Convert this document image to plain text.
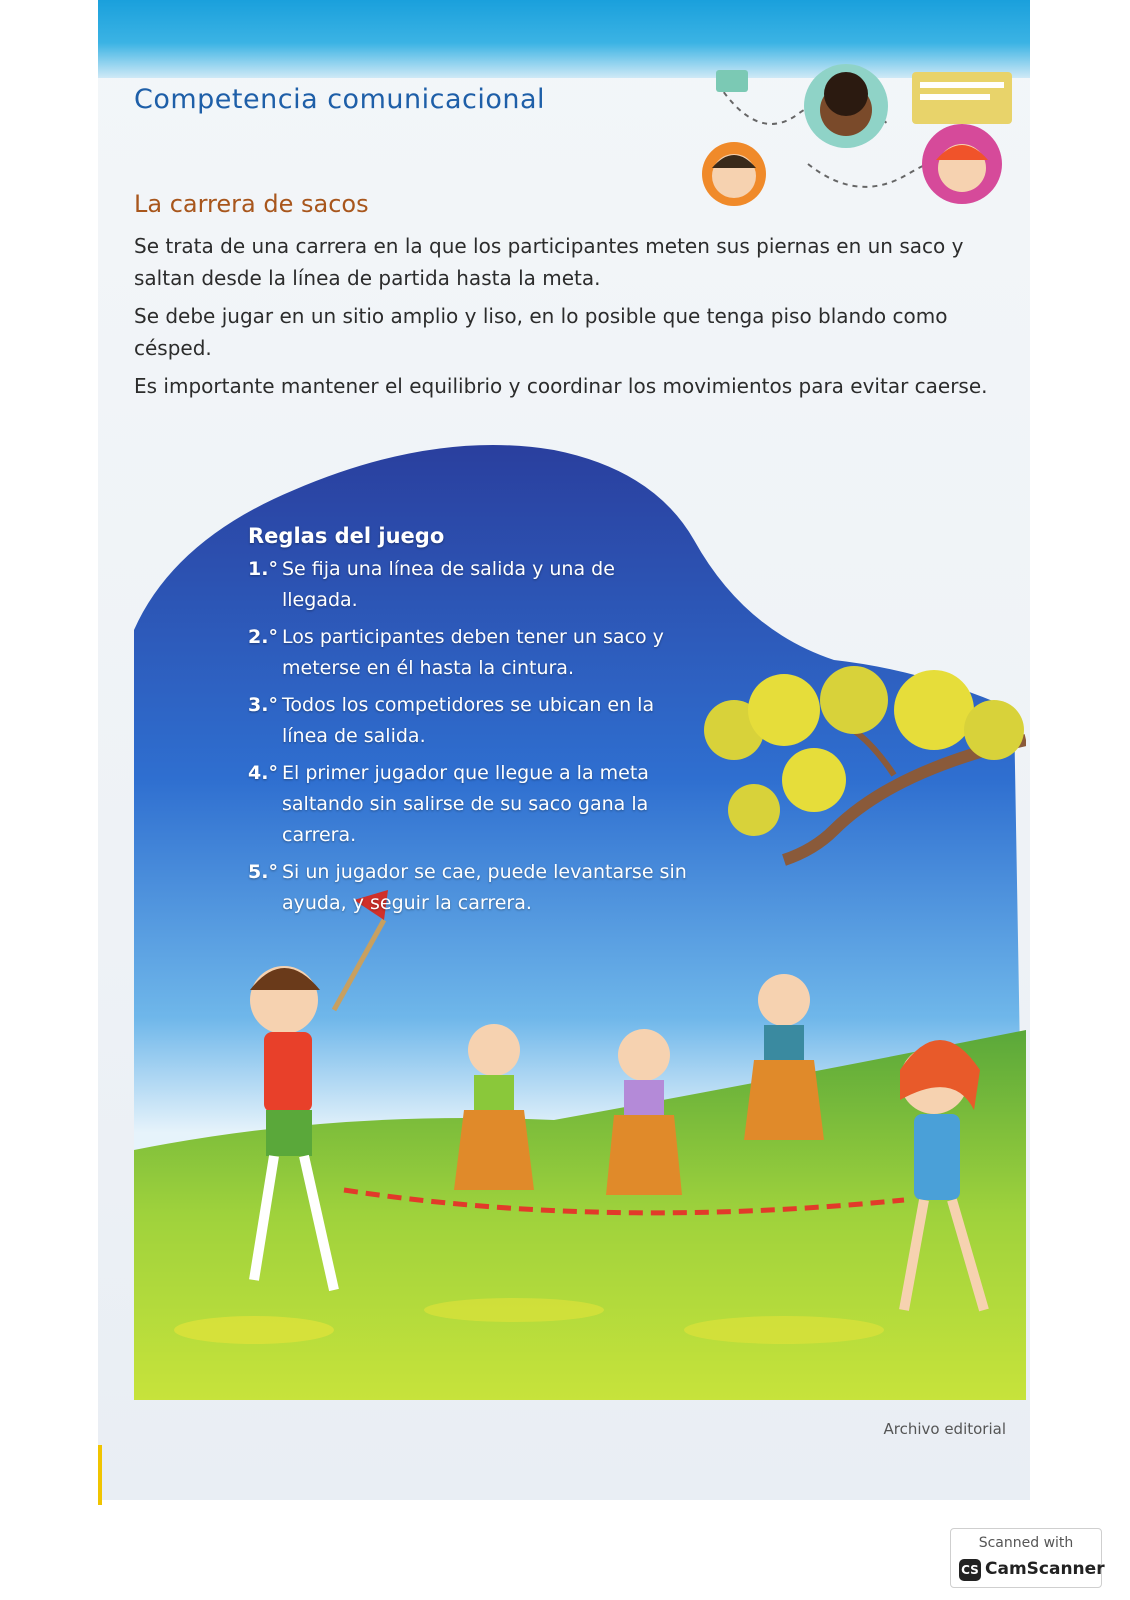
Competencia comunicacional
La carrera de sacos

Se trata de una carrera en la que los participantes meten sus piernas en un saco y saltan desde la línea de partida hasta la meta.

Se debe jugar en un sitio amplio y liso, en lo posible que tenga piso blando como césped.

Es importante mantener el equilibrio y coordinar los movimientos para evitar caerse.

Archivo editorial
Reglas del juego
1.° Se fija una línea de salida y una de llegada.
2.° Los participantes deben tener un saco y meterse en él hasta la cintura.
3.° Todos los competidores se ubican en la línea de salida.
4.° El primer jugador que llegue a la meta saltando sin salirse de su saco gana la carrera.
5.° Si un jugador se cae, puede levantarse sin ayuda, y seguir la carrera.
Scanned with
CS CamScanner
